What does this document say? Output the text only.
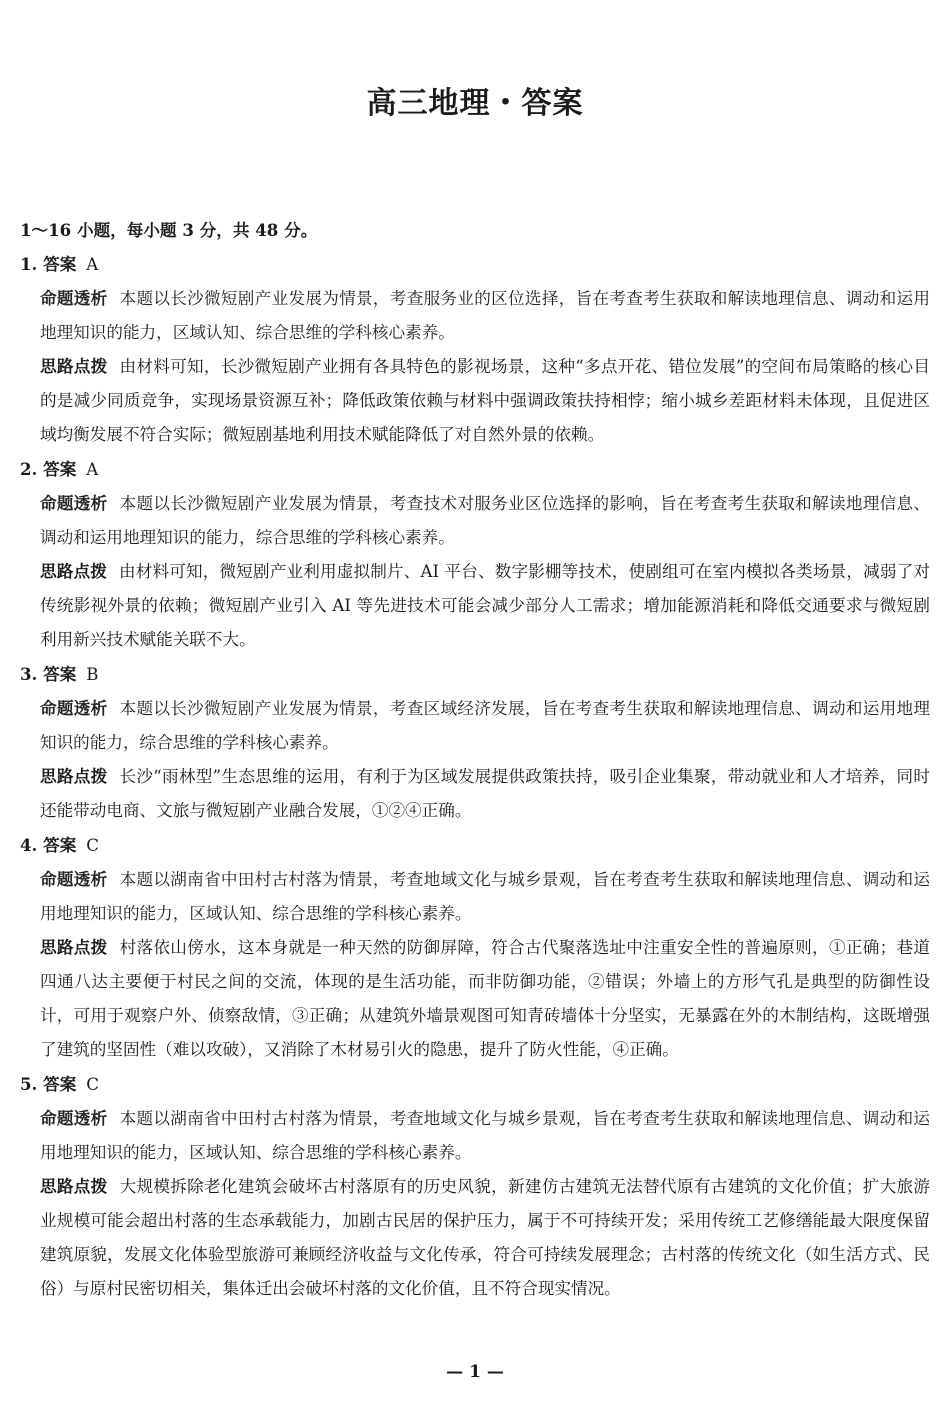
高三地理・答案
1～16 小题，每小题 3 分，共 48 分。
1. 答案 A
命题透析 本题以长沙微短剧产业发展为情景，考查服务业的区位选择，旨在考查考生获取和解读地理信息、调动和运用地理知识的能力，区域认知、综合思维的学科核心素养。
思路点拨 由材料可知，长沙微短剧产业拥有各具特色的影视场景，这种“多点开花、错位发展”的空间布局策略的核心目的是减少同质竞争，实现场景资源互补；降低政策依赖与材料中强调政策扶持相悖；缩小城乡差距材料未体现，且促进区域均衡发展不符合实际；微短剧基地利用技术赋能降低了对自然外景的依赖。
2. 答案 A
命题透析 本题以长沙微短剧产业发展为情景，考查技术对服务业区位选择的影响，旨在考查考生获取和解读地理信息、调动和运用地理知识的能力，综合思维的学科核心素养。
思路点拨 由材料可知，微短剧产业利用虚拟制片、AI 平台、数字影棚等技术，使剧组可在室内模拟各类场景，减弱了对传统影视外景的依赖；微短剧产业引入 AI 等先进技术可能会减少部分人工需求；增加能源消耗和降低交通要求与微短剧利用新兴技术赋能关联不大。
3. 答案 B
命题透析 本题以长沙微短剧产业发展为情景，考查区域经济发展，旨在考查考生获取和解读地理信息、调动和运用地理知识的能力，综合思维的学科核心素养。
思路点拨 长沙“雨林型”生态思维的运用，有利于为区域发展提供政策扶持，吸引企业集聚，带动就业和人才培养，同时还能带动电商、文旅与微短剧产业融合发展，①②④正确。
4. 答案 C
命题透析 本题以湖南省中田村古村落为情景，考查地域文化与城乡景观，旨在考查考生获取和解读地理信息、调动和运用地理知识的能力，区域认知、综合思维的学科核心素养。
思路点拨 村落依山傍水，这本身就是一种天然的防御屏障，符合古代聚落选址中注重安全性的普遍原则，①正确；巷道四通八达主要便于村民之间的交流，体现的是生活功能，而非防御功能，②错误；外墙上的方形气孔是典型的防御性设计，可用于观察户外、侦察敌情，③正确；从建筑外墙景观图可知青砖墙体十分坚实，无暴露在外的木制结构，这既增强了建筑的坚固性（难以攻破），又消除了木材易引火的隐患，提升了防火性能，④正确。
5. 答案 C
命题透析 本题以湖南省中田村古村落为情景，考查地域文化与城乡景观，旨在考查考生获取和解读地理信息、调动和运用地理知识的能力，区域认知、综合思维的学科核心素养。
思路点拨 大规模拆除老化建筑会破坏古村落原有的历史风貌，新建仿古建筑无法替代原有古建筑的文化价值；扩大旅游业规模可能会超出村落的生态承载能力，加剧古民居的保护压力，属于不可持续开发；采用传统工艺修缮能最大限度保留建筑原貌，发展文化体验型旅游可兼顾经济收益与文化传承，符合可持续发展理念；古村落的传统文化（如生活方式、民俗）与原村民密切相关，集体迁出会破坏村落的文化价值，且不符合现实情况。
— 1 —
